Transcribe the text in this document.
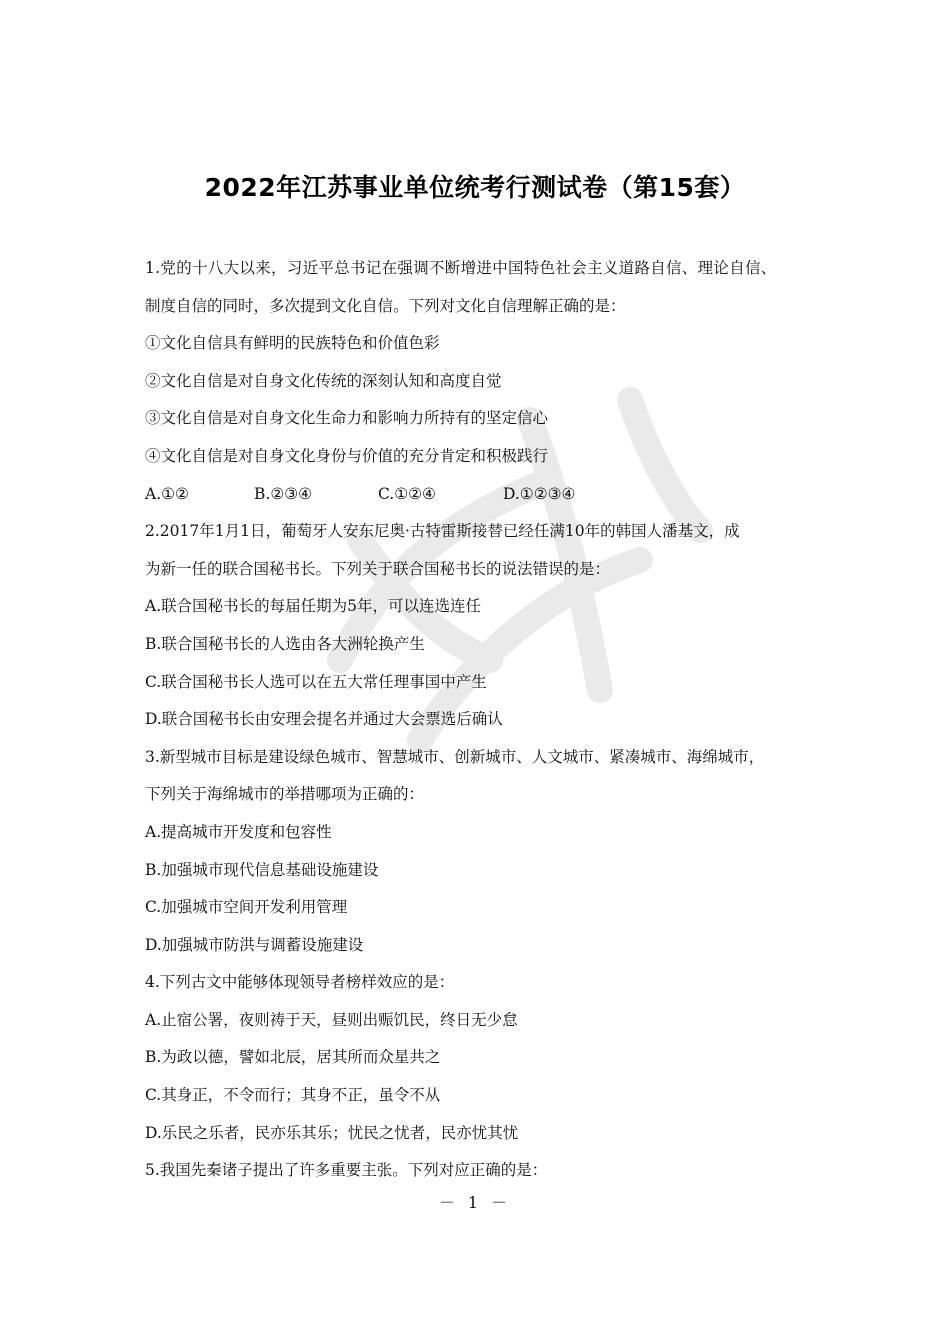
2022年江苏事业单位统考行测试卷（第15套）
1.党的十八大以来，习近平总书记在强调不断增进中国特色社会主义道路自信、理论自信、
制度自信的同时，多次提到文化自信。下列对文化自信理解正确的是：
①文化自信具有鲜明的民族特色和价值色彩
②文化自信是对自身文化传统的深刻认知和高度自觉
③文化自信是对自身文化生命力和影响力所持有的坚定信心
④文化自信是对自身文化身份与价值的充分肯定和积极践行
A.①②	B.②③④	C.①②④	D.①②③④
2.2017年1月1日，葡萄牙人安东尼奥·古特雷斯接替已经任满10年的韩国人潘基文，成
为新一任的联合国秘书长。下列关于联合国秘书长的说法错误的是：
A.联合国秘书长的每届任期为5年，可以连选连任
B.联合国秘书长的人选由各大洲轮换产生
C.联合国秘书长人选可以在五大常任理事国中产生
D.联合国秘书长由安理会提名并通过大会票选后确认
3.新型城市目标是建设绿色城市、智慧城市、创新城市、人文城市、紧凑城市、海绵城市，
下列关于海绵城市的举措哪项为正确的：
A.提高城市开发度和包容性
B.加强城市现代信息基础设施建设
C.加强城市空间开发利用管理
D.加强城市防洪与调蓄设施建设
4.下列古文中能够体现领导者榜样效应的是：
A.止宿公署，夜则祷于天，昼则出赈饥民，终日无少怠
B.为政以德，譬如北辰，居其所而众星共之
C.其身正，不令而行；其身不正，虽令不从
D.乐民之乐者，民亦乐其乐；忧民之忧者，民亦忧其忧
5.我国先秦诸子提出了许多重要主张。下列对应正确的是：
－ 1 －
